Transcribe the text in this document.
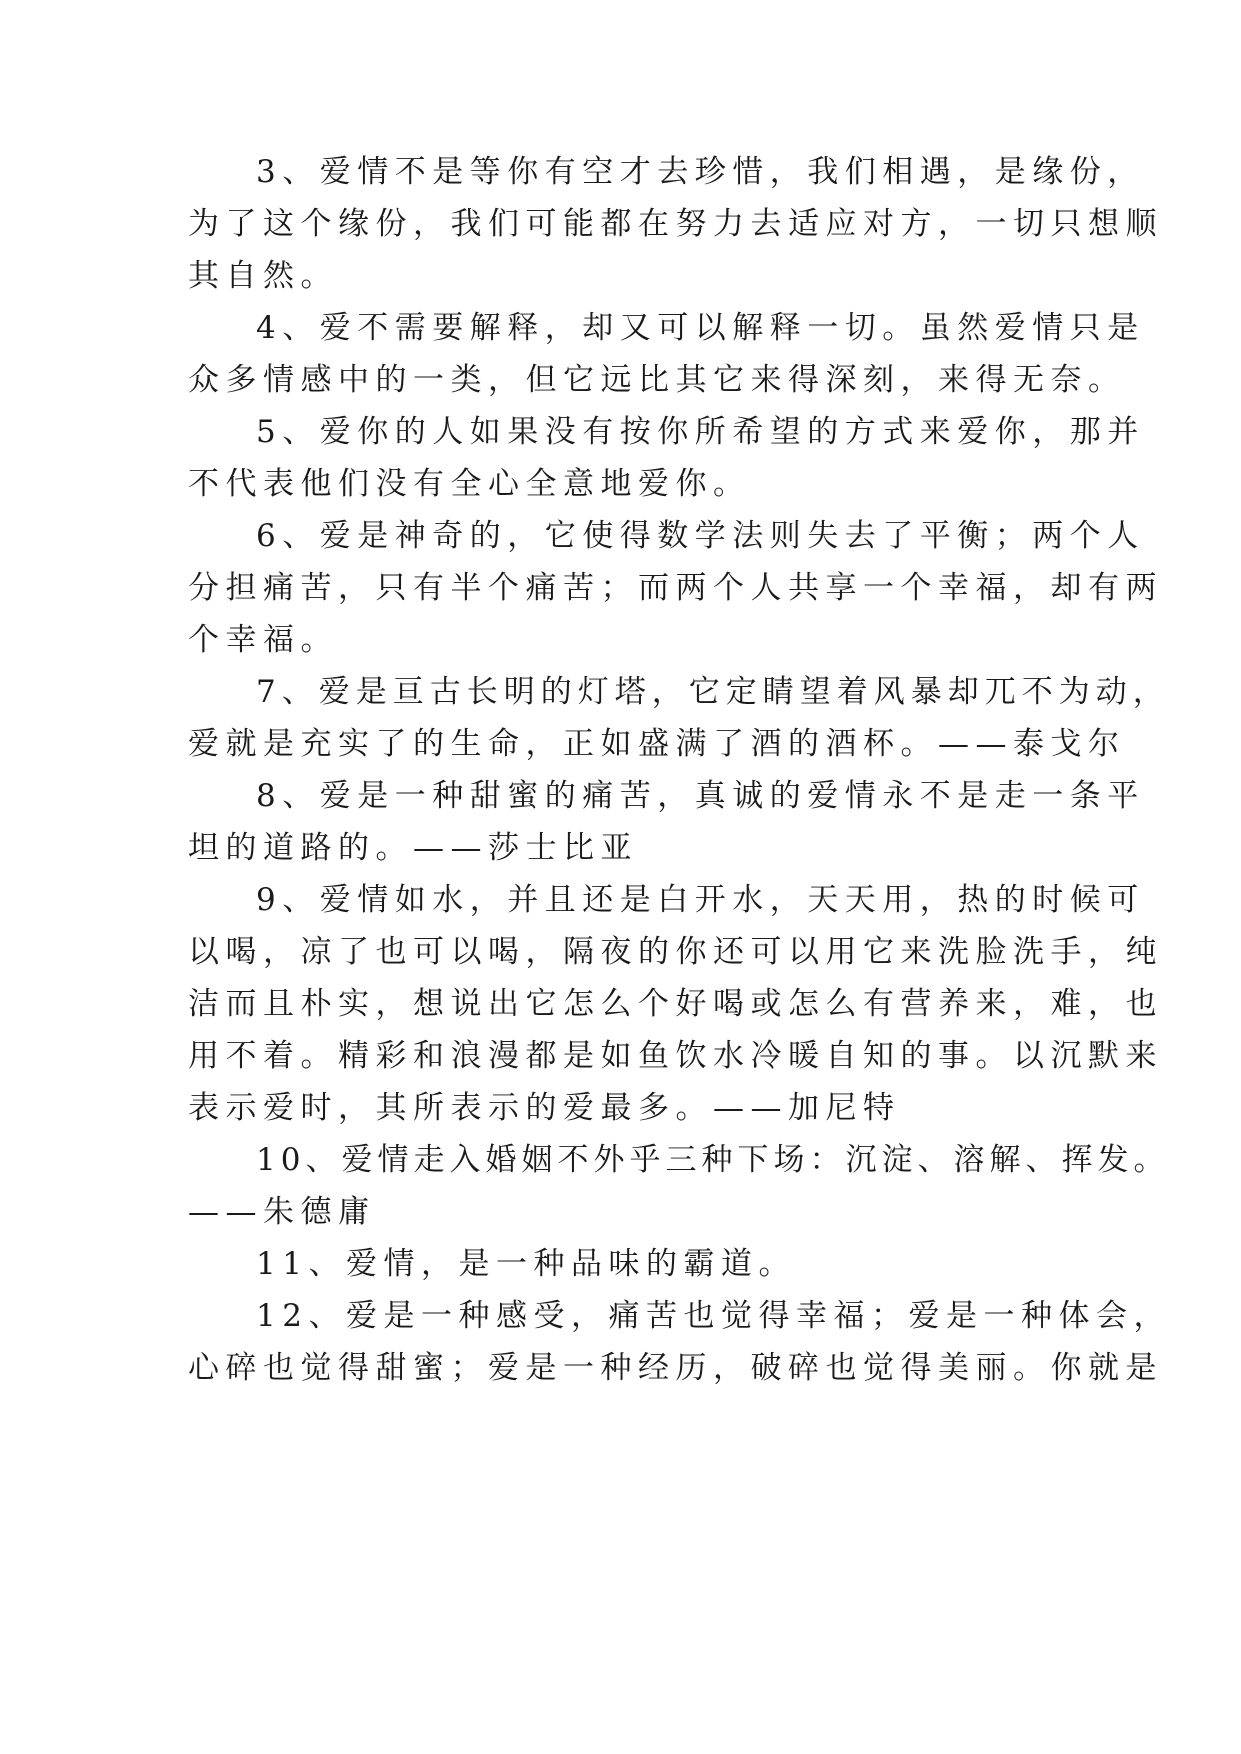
3、爱情不是等你有空才去珍惜，我们相遇，是缘份，

为了这个缘份，我们可能都在努力去适应对方，一切只想顺

其自然。

4、爱不需要解释，却又可以解释一切。虽然爱情只是

众多情感中的一类，但它远比其它来得深刻，来得无奈。

5、爱你的人如果没有按你所希望的方式来爱你，那并

不代表他们没有全心全意地爱你。

6、爱是神奇的，它使得数学法则失去了平衡；两个人

分担痛苦，只有半个痛苦；而两个人共享一个幸福，却有两

个幸福。

7、爱是亘古长明的灯塔，它定睛望着风暴却兀不为动，

爱就是充实了的生命，正如盛满了酒的酒杯。——泰戈尔

8、爱是一种甜蜜的痛苦，真诚的爱情永不是走一条平

坦的道路的。——莎士比亚

9、爱情如水，并且还是白开水，天天用，热的时候可

以喝，凉了也可以喝，隔夜的你还可以用它来洗脸洗手，纯

洁而且朴实，想说出它怎么个好喝或怎么有营养来，难，也

用不着。精彩和浪漫都是如鱼饮水冷暖自知的事。以沉默来

表示爱时，其所表示的爱最多。——加尼特

10、爱情走入婚姻不外乎三种下场：沉淀、溶解、挥发。

——朱德庸

11、爱情，是一种品味的霸道。

12、爱是一种感受，痛苦也觉得幸福；爱是一种体会，

心碎也觉得甜蜜；爱是一种经历，破碎也觉得美丽。你就是
